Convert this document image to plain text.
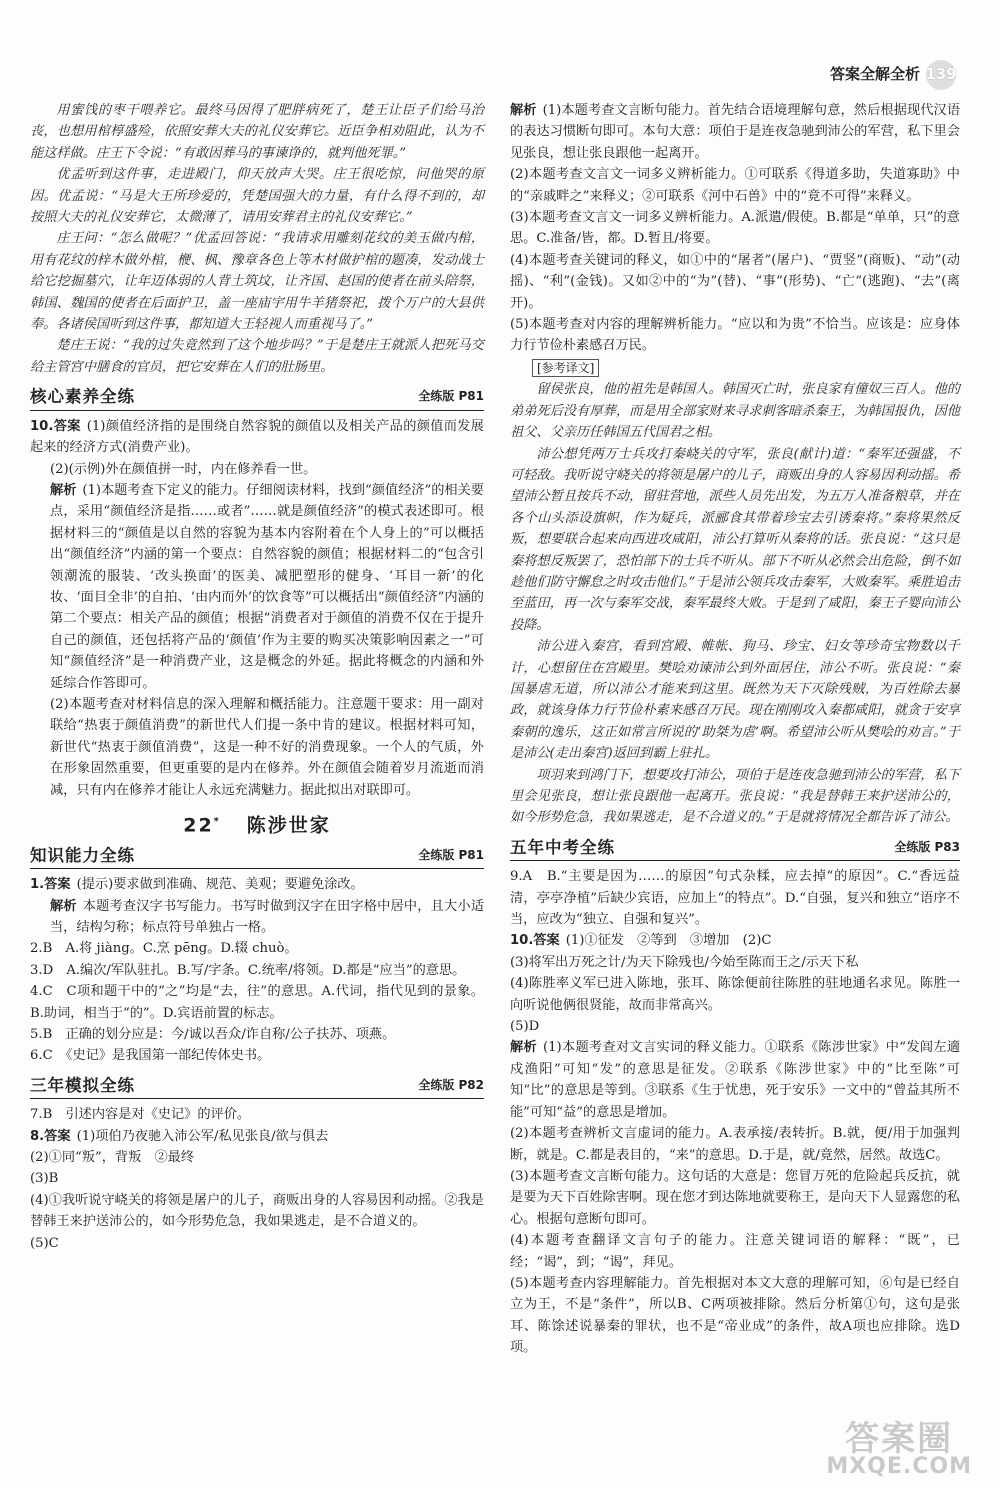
答案全解全析 139

用蜜饯的枣干喂养它。最终马因得了肥胖病死了，楚王让臣子们给马治丧，也想用棺椁盛殓，依照安葬大夫的礼仪安葬它。近臣争相劝阻此，认为不能这样做。庄王下令说：“有敢因葬马的事谏诤的，就判他死罪。”

优孟听到这件事，走进殿门，仰天放声大哭。庄王很吃惊，问他哭的原因。优孟说：“马是大王所珍爱的，凭楚国强大的力量，有什么得不到的，却按照大夫的礼仪安葬它，太微薄了，请用安葬君主的礼仪安葬它。”

庄王问：“怎么做呢？”优孟回答说：“我请求用雕刻花纹的美玉做内棺，用有花纹的梓木做外棺，楩、枫、豫章各色上等木材做护棺的题凑，发动战士给它挖掘墓穴，让年迈体弱的人背土筑坟，让齐国、赵国的使者在前头陪祭，韩国、魏国的使者在后面护卫，盖一座庙宇用牛羊猪祭祀，拨个万户的大县供奉。各诸侯国听到这件事，都知道大王轻视人而重视马了。”

楚庄王说：“我的过失竟然到了这个地步吗？”于是楚庄王就派人把死马交给主管宫中膳食的官员，把它安葬在人们的肚肠里。

核心素养全练	全练版 P81

10.答案 (1)颜值经济指的是围绕自然容貌的颜值以及相关产品的颜值而发展起来的经济方式(消费产业)。

(2)(示例)外在颜值拼一时，内在修养看一世。

解析 (1)本题考查下定义的能力。仔细阅读材料，找到“颜值经济”的相关要点，采用“颜值经济是指……或者”……就是颜值经济”的模式表述即可。根据材料三的“颜值是以自然的容貌为基本内容附着在个人身上的”可以概括出“颜值经济”内涵的第一个要点：自然容貌的颜值；根据材料二的“包含引领潮流的服装、‘改头换面’的医美、减肥塑形的健身、‘耳目一新’的化妆、‘面目全非’的自拍、‘由内而外’的饮食等”可以概括出“颜值经济”内涵的第二个要点：相关产品的颜值；根据“消费者对于颜值的消费不仅在于提升自己的颜值，还包括将产品的‘颜值’作为主要的购买决策影响因素之一”可知“颜值经济”是一种消费产业，这是概念的外延。据此将概念的内涵和外延综合作答即可。

(2)本题考查对材料信息的深入理解和概括能力。注意题干要求：用一副对联给“热衷于颜值消费”的新世代人们提一条中肯的建议。根据材料可知，新世代“热衷于颜值消费”，这是一种不好的消费现象。一个人的气质，外在形象固然重要，但更重要的是内在修养。外在颜值会随着岁月流逝而消减，只有内在修养才能让人永远充满魅力。据此拟出对联即可。

22* 陈涉世家
知识能力全练	全练版 P81

1.答案 (提示)要求做到准确、规范、美观；要避免涂改。

解析 本题考查汉字书写能力。书写时做到汉字在田字格中居中，且大小适当，结构匀称；标点符号单独占一格。

2.B　A.将 jiàng。C.烹 pēng。D.辍 chuò。

3.D　A.编次/军队驻扎。B.写/字条。C.统率/将领。D.都是“应当”的意思。

4.C　C项和题干中的“之”均是“去，往”的意思。A.代词，指代见到的景象。B.助词，相当于“的”。D.宾语前置的标志。

5.B　正确的划分应是：今/诚以吾众/诈自称/公子扶苏、项燕。

6.C　《史记》是我国第一部纪传体史书。

三年模拟全练	全练版 P82

7.B　引述内容是对《史记》的评价。

8.答案 (1)项伯乃夜驰入沛公军/私见张良/欲与俱去

(2)①同“叛”，背叛　②最终

(3)B

(4)①我听说守峣关的将领是屠户的儿子，商贩出身的人容易因利动摇。②我是替韩王来护送沛公的，如今形势危急，我如果逃走，是不合道义的。

(5)C

解析 (1)本题考查文言断句能力。首先结合语境理解句意，然后根据现代汉语的表达习惯断句即可。本句大意：项伯于是连夜急驰到沛公的军营，私下里会见张良，想让张良跟他一起离开。

(2)本题考查文言文一词多义辨析能力。①可联系《得道多助，失道寡助》中的“亲戚畔之”来释义；②可联系《河中石兽》中的“竟不可得”来释义。

(3)本题考查文言文一词多义辨析能力。A.派遣/假使。B.都是“单单，只”的意思。C.准备/皆，都。D.暂且/将要。

(4)本题考查关键词的释义，如①中的“屠者”(屠户)、“贾竖”(商贩)、“动”(动摇)、“利”(金钱)。又如②中的“为”(替)、“事”(形势)、“亡”(逃跑)、“去”(离开)。

(5)本题考查对内容的理解辨析能力。“应以和为贵”不恰当。应该是：应身体力行节俭朴素感召万民。

[参考译文]

留侯张良，他的祖先是韩国人。韩国灭亡时，张良家有僮奴三百人。他的弟弟死后没有厚葬，而是用全部家财来寻求刺客暗杀秦王，为韩国报仇，因他祖父、父亲历任韩国五代国君之相。

沛公想凭两万士兵攻打秦峣关的守军，张良(献计)道：“秦军还强盛，不可轻敌。我听说守峣关的将领是屠户的儿子，商贩出身的人容易因利动摇。希望沛公暂且按兵不动，留驻营地，派些人员先出发，为五万人准备粮草，并在各个山头添设旗帜，作为疑兵，派郦食其带着珍宝去引诱秦将。”秦将果然反叛，想要联合起来向西进攻咸阳，沛公打算听从秦将的话。张良说：“这只是秦将想反叛罢了，恐怕部下的士兵不听从。部下不听从必然会出危险，倒不如趁他们防守懈怠之时攻击他们。”于是沛公领兵攻击秦军，大败秦军。乘胜追击至蓝田，再一次与秦军交战，秦军最终大败。于是到了咸阳，秦王子婴向沛公投降。

沛公进入秦宫，看到宫殿、帷帐、狗马、珍宝、妇女等珍奇宝物数以千计，心想留住在宫殿里。樊哙劝谏沛公到外面居住，沛公不听。张良说：“秦国暴虐无道，所以沛公才能来到这里。既然为天下灭除残贼，为百姓除去暴政，就该身体力行节俭朴素来感召万民。现在刚刚攻入秦都咸阳，就贪于安享秦朝的逸乐，这正如常言所说的‘助桀为虐’啊。希望沛公听从樊哙的劝言。”于是沛公(走出秦宫)返回到霸上驻扎。

项羽来到鸿门下，想要攻打沛公，项伯于是连夜急驰到沛公的军营，私下里会见张良，想让张良跟他一起离开。张良说：“我是替韩王来护送沛公的，如今形势危急，我如果逃走，是不合道义的。”于是就将情况全都告诉了沛公。

五年中考全练	全练版 P83

9.A　B.“主要是因为……的原因”句式杂糅，应去掉“的原因”。C.“香远益清，亭亭净植”后缺少宾语，应加上“的特点”。D.“自强，复兴和独立”语序不当，应改为“独立、自强和复兴”。

10.答案 (1)①征发　②等到　③增加　(2)C

(3)将军出万死之计/为天下除残也/今始至陈而王之/示天下私

(4)陈胜率义军已进入陈地，张耳、陈馀便前往陈胜的驻地通名求见。陈胜一向听说他俩很贤能，故而非常高兴。

(5)D

解析 (1)本题考查对文言实词的释义能力。①联系《陈涉世家》中“发闾左適戍渔阳”可知“发”的意思是征发。②联系《陈涉世家》中的“比至陈”可知“比”的意思是等到。③联系《生于忧患，死于安乐》一文中的“曾益其所不能”可知“益”的意思是增加。

(2)本题考查辨析文言虚词的能力。A.表承接/表转折。B.就，便/用于加强判断，就是。C.都是表目的，“来”的意思。D.于是，就/竟然，居然。故选C。

(3)本题考查文言断句能力。这句话的大意是：您冒万死的危险起兵反抗，就是要为天下百姓除害啊。现在您才到达陈地就要称王，是向天下人显露您的私心。根据句意断句即可。

(4)本题考查翻译文言句子的能力。注意关键词语的解释：“既”，已经；“谒”，到；“谒”，拜见。

(5)本题考查内容理解能力。首先根据对本文大意的理解可知，⑥句是已经自立为王，不是“条件”，所以B、C两项被排除。然后分析第①句，这句是张耳、陈馀述说暴秦的罪状，也不是“帝业成”的条件，故A项也应排除。选D项。

答案圈
MXQE.COM
